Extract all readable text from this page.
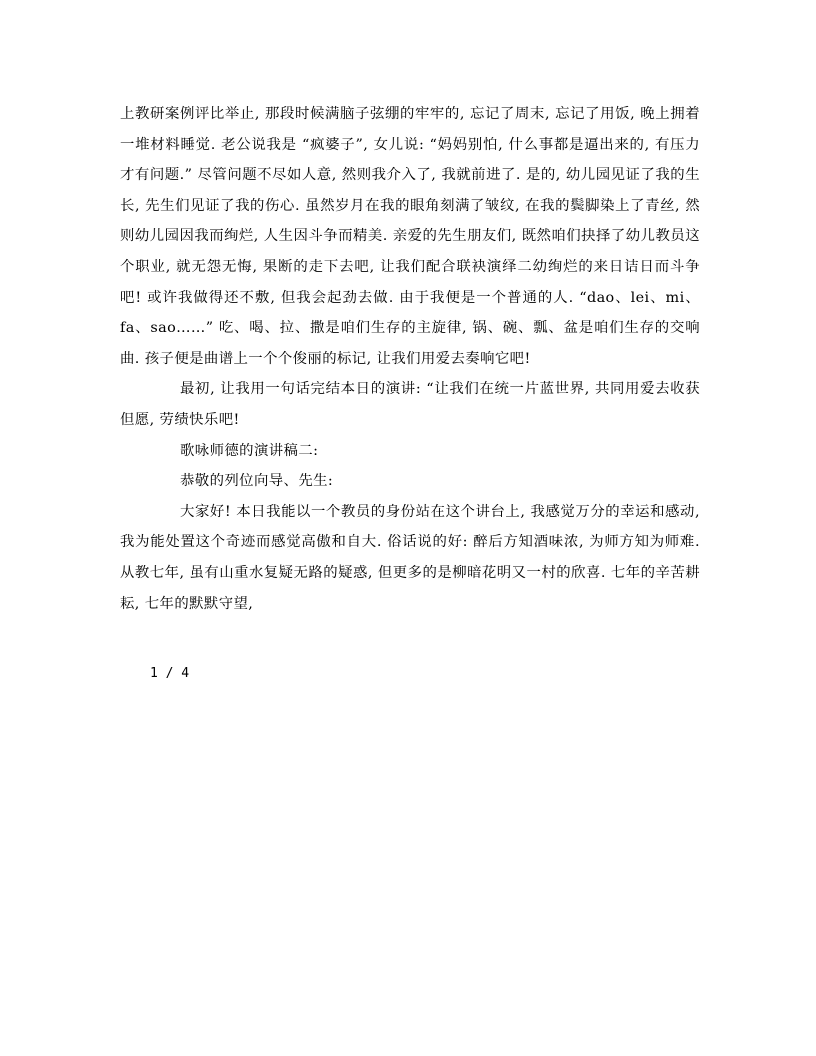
上教研案例评比举止, 那段时候满脑子弦绷的牢牢的, 忘记了周末, 忘记了用饭, 晚上拥着一堆材料睡觉. 老公说我是 “疯婆子”, 女儿说: “妈妈别怕, 什么事都是逼出来的, 有压力才有问题.” 尽管问题不尽如人意, 然则我介入了, 我就前进了. 是的, 幼儿园见证了我的生长, 先生们见证了我的伤心. 虽然岁月在我的眼角刻满了皱纹, 在我的鬓脚染上了青丝, 然则幼儿园因我而绚烂, 人生因斗争而精美. 亲爱的先生朋友们, 既然咱们抉择了幼儿教员这个职业, 就无怨无悔, 果断的走下去吧, 让我们配合联袂演绎二幼绚烂的来日诘日而斗争吧! 或许我做得还不敷, 但我会起劲去做. 由于我便是一个普通的人. “dao、lei、mi、fa、sao……” 吃、喝、拉、撒是咱们生存的主旋律, 锅、碗、瓢、盆是咱们生存的交响曲. 孩子便是曲谱上一个个俊丽的标记, 让我们用爱去奏响它吧!

最初, 让我用一句话完结本日的演讲: “让我们在统一片蓝世界, 共同用爱去收获但愿, 劳绩快乐吧!

歌咏师德的演讲稿二:

恭敬的列位向导、先生:

大家好! 本日我能以一个教员的身份站在这个讲台上, 我感觉万分的幸运和感动, 我为能处置这个奇迹而感觉高傲和自大. 俗话说的好: 醉后方知酒味浓, 为师方知为师难. 从教七年, 虽有山重水复疑无路的疑惑, 但更多的是柳暗花明又一村的欣喜. 七年的辛苦耕耘, 七年的默默守望,

1 / 4
